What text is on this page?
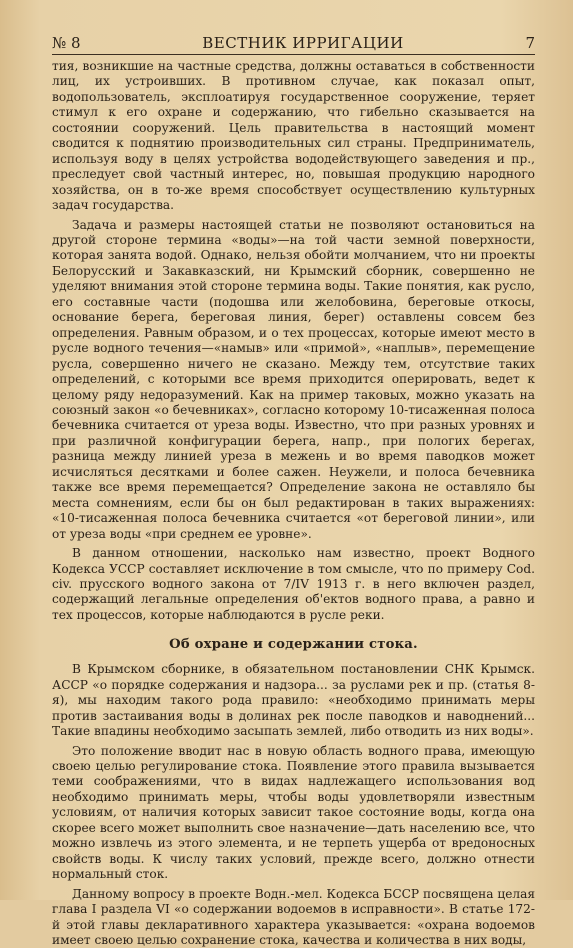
№ 8	ВЕСТНИК ИРРИГАЦИИ	7

тия, возникшие на частные средства, должны оставаться в собственности лиц, их устроивших. В противном случае, как показал опыт, водопользователь, эксплоатируя государственное сооружение, теряет стимул к его охране и содержанию, что гибельно сказывается на состоянии сооружений. Цель правительства в настоящий момент сводится к поднятию производительных сил страны. Предприниматель, используя воду в целях устройства вододействующего заведения и пр., преследует свой частный интерес, но, повышая продукцию народного хозяйства, он в то-же время способствует осуществлению культурных задач государства.

Задача и размеры настоящей статьи не позволяют остановиться на другой стороне термина «воды»—на той части земной поверхности, которая занята водой. Однако, нельзя обойти молчанием, что ни проекты Белорусский и Закавказский, ни Крымский сборник, совершенно не уделяют внимания этой стороне термина воды. Такие понятия, как русло, его составные части (подошва или желобовина, береговые откосы, основание берега, береговая линия, берег) оставлены совсем без определения. Равным образом, и о тех процессах, которые имеют место в русле водного течения—«намыв» или «примой», «наплыв», перемещение русла, совершенно ничего не сказано. Между тем, отсутствие таких определений, с которыми все время приходится оперировать, ведет к целому ряду недоразумений. Как на пример таковых, можно указать на союзный закон «о бечевниках», согласно которому 10-тисаженная полоса бечевника считается от уреза воды. Известно, что при разных уровнях и при различной конфигурации берега, напр., при пологих берегах, разница между линией уреза в межень и во время паводков может исчисляться десятками и более сажен. Неужели, и полоса бечевника также все время перемещается? Определение закона не оставляло бы места сомнениям, если бы он был редактирован в таких выражениях: «10-тисаженная полоса бечевника считается «от береговой линии», или от уреза воды «при среднем ее уровне».

В данном отношении, насколько нам известно, проект Водного Кодекса УССР составляет исключение в том смысле, что по примеру Cod. civ. прусского водного закона от 7/IV 1913 г. в него включен раздел, содержащий легальные определения об'ектов водного права, а равно и тех процессов, которые наблюдаются в русле реки.

Об охране и содержании стока.

В Крымском сборнике, в обязательном постановлении СНК Крымск. АССР «о порядке содержания и надзора... за руслами рек и пр. (статья 8-я), мы находим такого рода правило: «необходимо принимать меры против застаивания воды в долинах рек после паводков и наводнений... Такие впадины необходимо засыпать землей, либо отводить из них воды».

Это положение вводит нас в новую область водного права, имеющую своею целью регулирование стока. Появление этого правила вызывается теми соображениями, что в видах надлежащего использования вод необходимо принимать меры, чтобы воды удовлетворяли известным условиям, от наличия которых зависит такое состояние воды, когда она скорее всего может выполнить свое назначение—дать населению все, что можно извлечь из этого элемента, и не терпеть ущерба от вредоносных свойств воды. К числу таких условий, прежде всего, должно отнести нормальный сток.

Данному вопросу в проекте Водн.-мел. Кодекса БССР посвящена целая глава I раздела VI «о содержании водоемов в исправности». В статье 172-й этой главы декларативного характера указывается: «охрана водоемов имеет своею целью сохранение стока, качества и количества в них воды,
